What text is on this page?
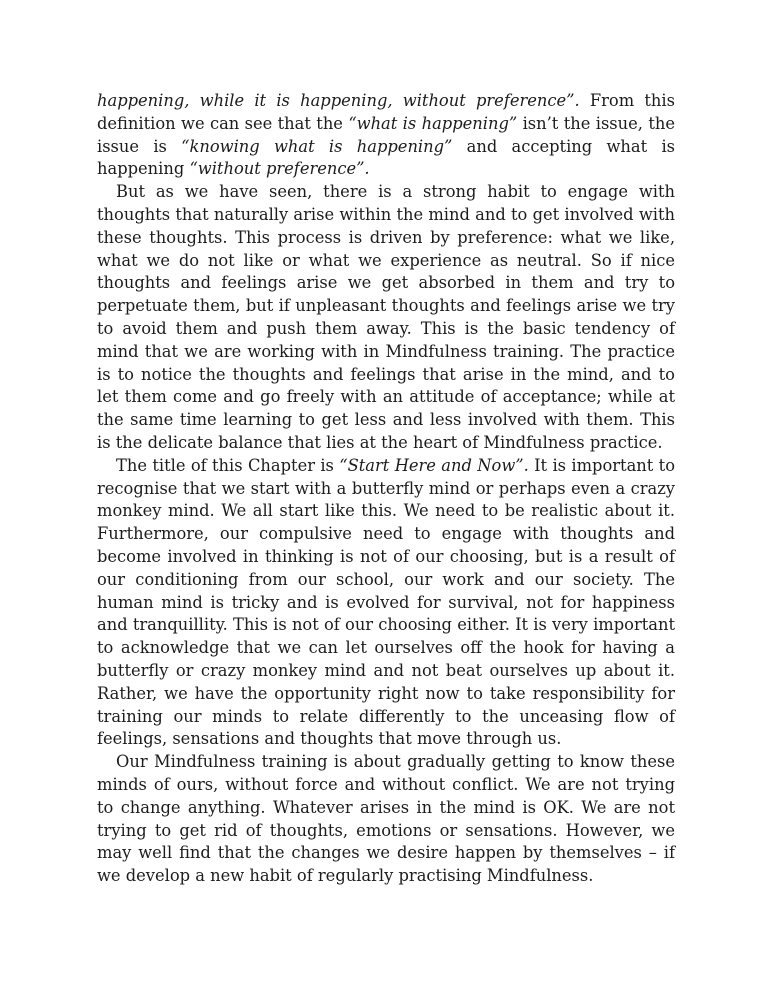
happening, while it is happening, without preference”. From this definition we can see that the “what is happening” isn’t the issue, the issue is “knowing what is happening” and accepting what is happening “without preference”.

But as we have seen, there is a strong habit to engage with thoughts that naturally arise within the mind and to get involved with these thoughts. This process is driven by preference: what we like, what we do not like or what we experience as neutral. So if nice thoughts and feelings arise we get absorbed in them and try to perpetuate them, but if unpleasant thoughts and feelings arise we try to avoid them and push them away. This is the basic tendency of mind that we are working with in Mindfulness training. The practice is to notice the thoughts and feelings that arise in the mind, and to let them come and go freely with an attitude of acceptance; while at the same time learning to get less and less involved with them. This is the delicate balance that lies at the heart of Mindfulness practice.

The title of this Chapter is “Start Here and Now”. It is important to recognise that we start with a butterfly mind or perhaps even a crazy monkey mind. We all start like this. We need to be realistic about it. Furthermore, our compulsive need to engage with thoughts and become involved in thinking is not of our choosing, but is a result of our conditioning from our school, our work and our society. The human mind is tricky and is evolved for survival, not for happiness and tranquillity. This is not of our choosing either. It is very important to acknowledge that we can let ourselves off the hook for having a butterfly or crazy monkey mind and not beat ourselves up about it. Rather, we have the opportunity right now to take responsibility for training our minds to relate differently to the unceasing flow of feelings, sensations and thoughts that move through us.

Our Mindfulness training is about gradually getting to know these minds of ours, without force and without conflict. We are not trying to change anything. Whatever arises in the mind is OK. We are not trying to get rid of thoughts, emotions or sensations. However, we may well find that the changes we desire happen by themselves – if we develop a new habit of regularly practising Mindfulness.
